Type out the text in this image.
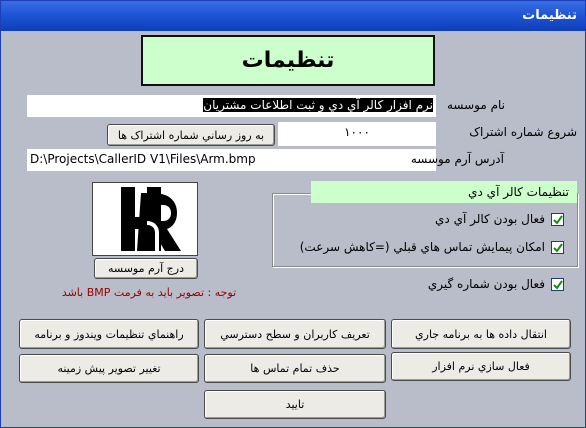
تنظيمات
تنظيمات
نرم افزار کالر آي دي و ثبت اطلاعات مشتريان نام موسسه
به روز رساني شماره اشتراک ها	۱۰۰۰	شروع شماره اشتراک
D:\Projects\CallerID V1\Files\Arm.bmp	آدرس آرم موسسه
درج آرم موسسه
توجه : تصوير بايد به فرمت BMP باشد
تنظيمات کالر آي دي
فعال بودن کالر آي دي
امکان پيمايش تماس هاي قبلي (=کاهش سرعت)
فعال بودن شماره گيري
راهنماي تنظيمات ويندوز و برنامه	تعريف کاربران و سطح دسترسي	انتقال داده ها به برنامه جاري
تغيير تصوير پيش زمينه	حذف تمام تماس ها	فعال سازي نرم افزار
تاييد
